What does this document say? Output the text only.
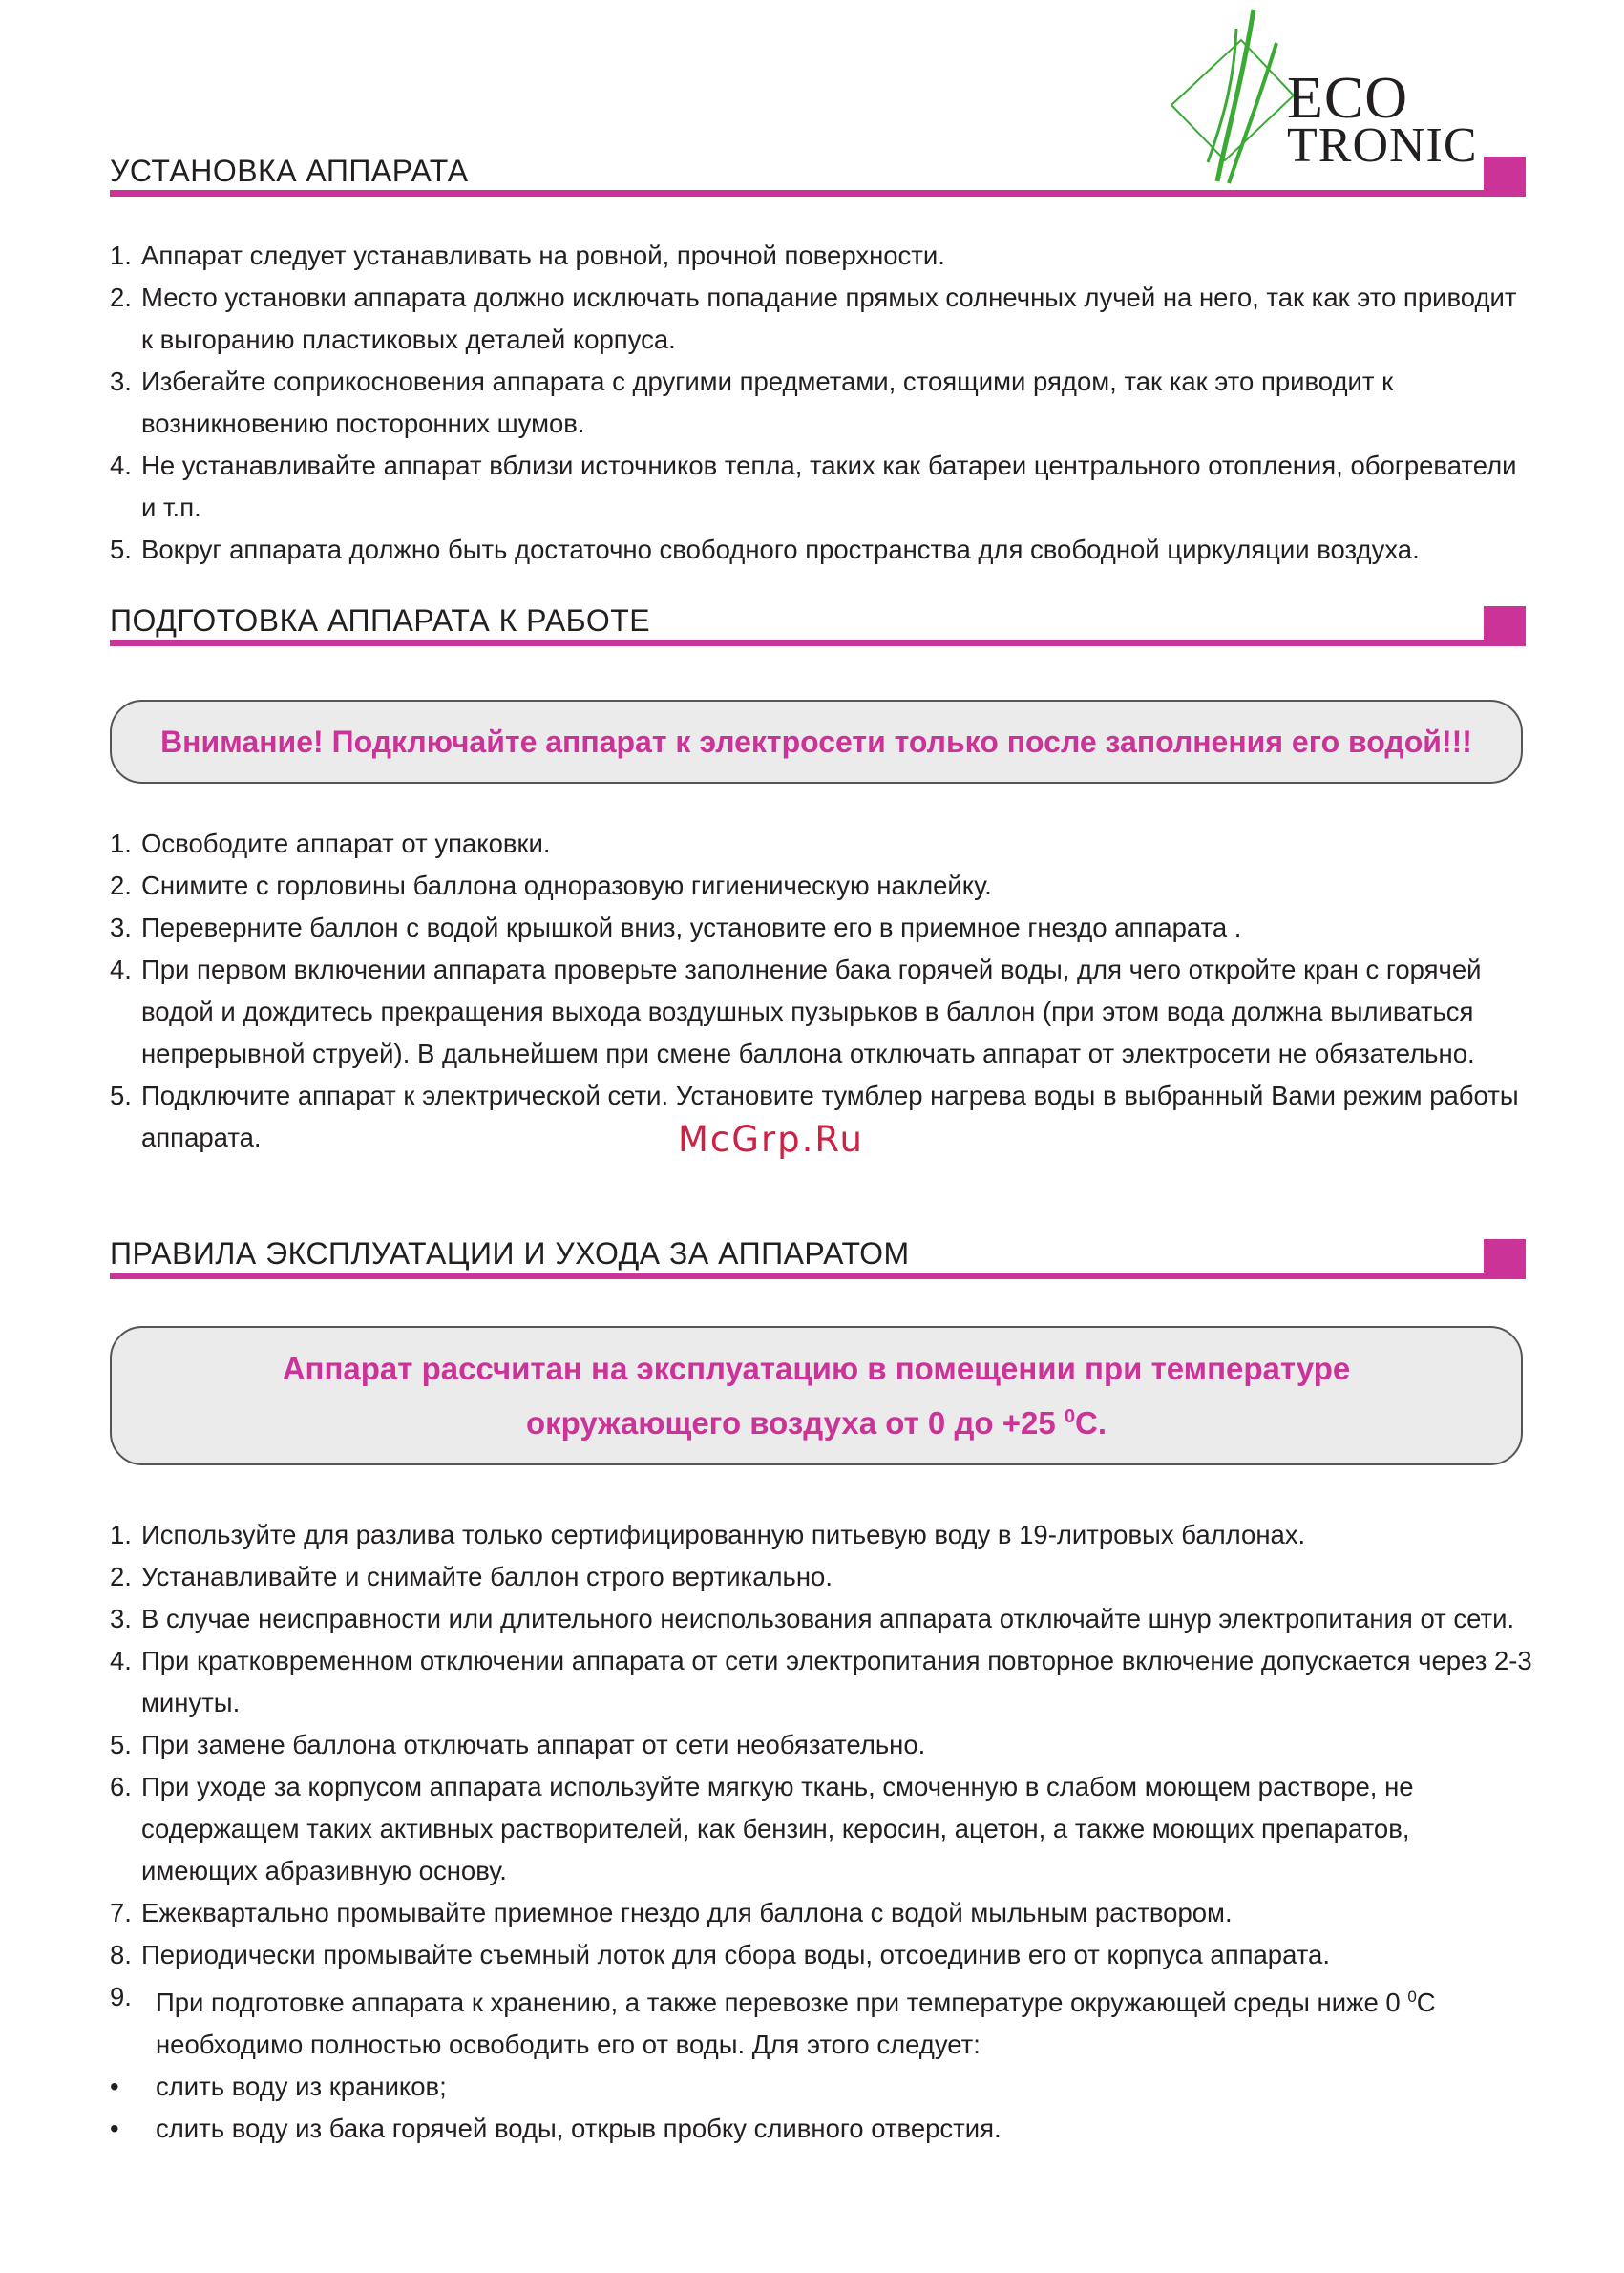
ECO
TRONIC
УСТАНОВКА АППАРАТА
1. Аппарат следует устанавливать на ровной, прочной поверхности.
2. Место установки аппарата должно исключать попадание прямых солнечных лучей на него, так как это приводит к выгоранию пластиковых деталей корпуса.
3. Избегайте соприкосновения аппарата с другими предметами, стоящими рядом, так как это приводит к возникновению посторонних шумов.
4. Не устанавливайте аппарат вблизи источников тепла, таких как батареи центрального отопления, обогреватели и т.п.
5. Вокруг аппарата должно быть достаточно свободного пространства для свободной циркуляции воздуха.
ПОДГОТОВКА АППАРАТА К РАБОТЕ
Внимание! Подключайте аппарат к электросети только после заполнения его водой!!!
1. Освободите аппарат от упаковки.
2. Снимите с горловины баллона одноразовую гигиеническую наклейку.
3. Переверните баллон с водой крышкой вниз, установите его в приемное гнездо аппарата .
4. При первом включении аппарата проверьте заполнение бака горячей воды, для чего откройте кран с горячей водой и дождитесь прекращения выхода воздушных пузырьков в баллон (при этом вода должна выливаться непрерывной струей). В дальнейшем при смене баллона отключать аппарат от электросети не обязательно.
5. Подключите аппарат к электрической сети. Установите тумблер нагрева воды в выбранный Вами режим работы аппарата.	McGrp.Ru
ПРАВИЛА ЭКСПЛУАТАЦИИ И УХОДА ЗА АППАРАТОМ
Аппарат рассчитан на эксплуатацию в помещении при температуре
окружающего воздуха от 0 до +25 $^0$С.
1. Используйте для разлива только сертифицированную питьевую воду в 19-литровых баллонах.
2. Устанавливайте и снимайте баллон строго вертикально.
3. В случае неисправности или длительного неиспользования аппарата отключайте шнур электропитания от сети.
4. При кратковременном отключении аппарата от сети электропитания повторное включение допускается через 2-3 минуты.
5. При замене баллона отключать аппарат от сети необязательно.
6. При уходе за корпусом аппарата используйте мягкую ткань, смоченную в слабом моющем растворе, не содержащем таких активных растворителей, как бензин, керосин, ацетон, а также моющих препаратов, имеющих абразивную основу.
7. Ежеквартально промывайте приемное гнездо для баллона с водой мыльным раствором.
8. Периодически промывайте съемный лоток для сбора воды, отсоединив его от корпуса аппарата.
9. При подготовке аппарата к хранению, а также перевозке при температуре окружающей среды ниже 0 $^0$С необходимо полностью освободить его от воды. Для этого следует:
• слить воду из краников;
• слить воду из бака горячей воды, открыв пробку сливного отверстия.
